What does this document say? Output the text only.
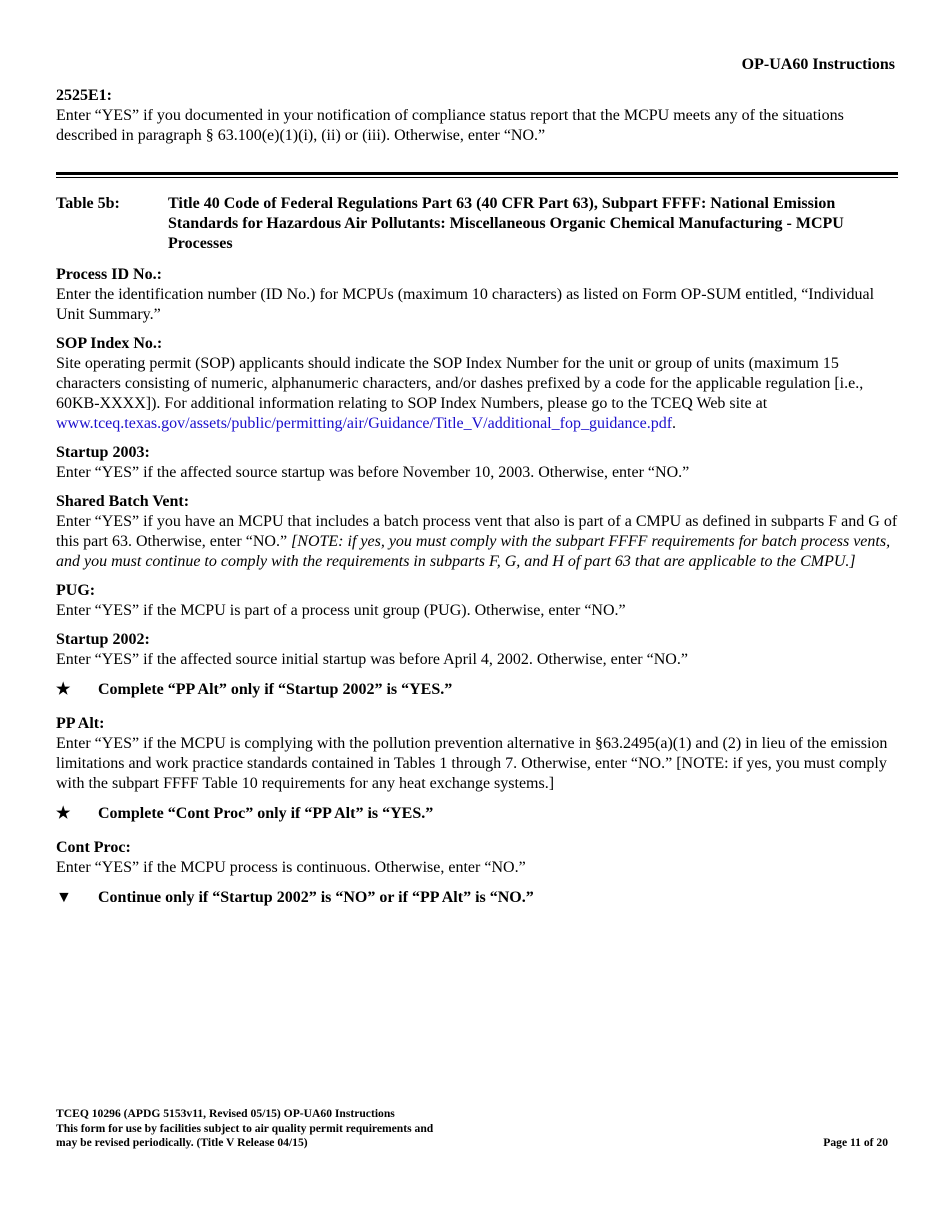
OP-UA60 Instructions
2525E1:
Enter “YES” if you documented in your notification of compliance status report that the MCPU meets any of the situations described in paragraph § 63.100(e)(1)(i), (ii) or (iii). Otherwise, enter “NO.”
Table 5b:	Title 40 Code of Federal Regulations Part 63 (40 CFR Part 63), Subpart FFFF: National Emission Standards for Hazardous Air Pollutants: Miscellaneous Organic Chemical Manufacturing - MCPU Processes
Process ID No.:
Enter the identification number (ID No.) for MCPUs (maximum 10 characters) as listed on Form OP-SUM entitled, “Individual Unit Summary.”
SOP Index No.:
Site operating permit (SOP) applicants should indicate the SOP Index Number for the unit or group of units (maximum 15 characters consisting of numeric, alphanumeric characters, and/or dashes prefixed by a code for the applicable regulation [i.e., 60KB-XXXX]). For additional information relating to SOP Index Numbers, please go to the TCEQ Web site at www.tceq.texas.gov/assets/public/permitting/air/Guidance/Title_V/additional_fop_guidance.pdf.
Startup 2003:
Enter “YES” if the affected source startup was before November 10, 2003. Otherwise, enter “NO.”
Shared Batch Vent:
Enter “YES” if you have an MCPU that includes a batch process vent that also is part of a CMPU as defined in subparts F and G of this part 63. Otherwise, enter “NO.” [NOTE: if yes, you must comply with the subpart FFFF requirements for batch process vents, and you must continue to comply with the requirements in subparts F, G, and H of part 63 that are applicable to the CMPU.]
PUG:
Enter “YES” if the MCPU is part of a process unit group (PUG). Otherwise, enter “NO.”
Startup 2002:
Enter “YES” if the affected source initial startup was before April 4, 2002. Otherwise, enter “NO.”
★	Complete “PP Alt” only if “Startup 2002” is “YES.”
PP Alt:
Enter “YES” if the MCPU is complying with the pollution prevention alternative in §63.2495(a)(1) and (2) in lieu of the emission limitations and work practice standards contained in Tables 1 through 7. Otherwise, enter “NO.” [NOTE: if yes, you must comply with the subpart FFFF Table 10 requirements for any heat exchange systems.]
★	Complete “Cont Proc” only if “PP Alt” is “YES.”
Cont Proc:
Enter “YES” if the MCPU process is continuous. Otherwise, enter “NO.”
▼	Continue only if “Startup 2002” is “NO” or if “PP Alt” is “NO.”
TCEQ 10296 (APDG 5153v11, Revised 05/15) OP-UA60 Instructions
This form for use by facilities subject to air quality permit requirements and
may be revised periodically. (Title V Release 04/15)	Page 11 of 20
